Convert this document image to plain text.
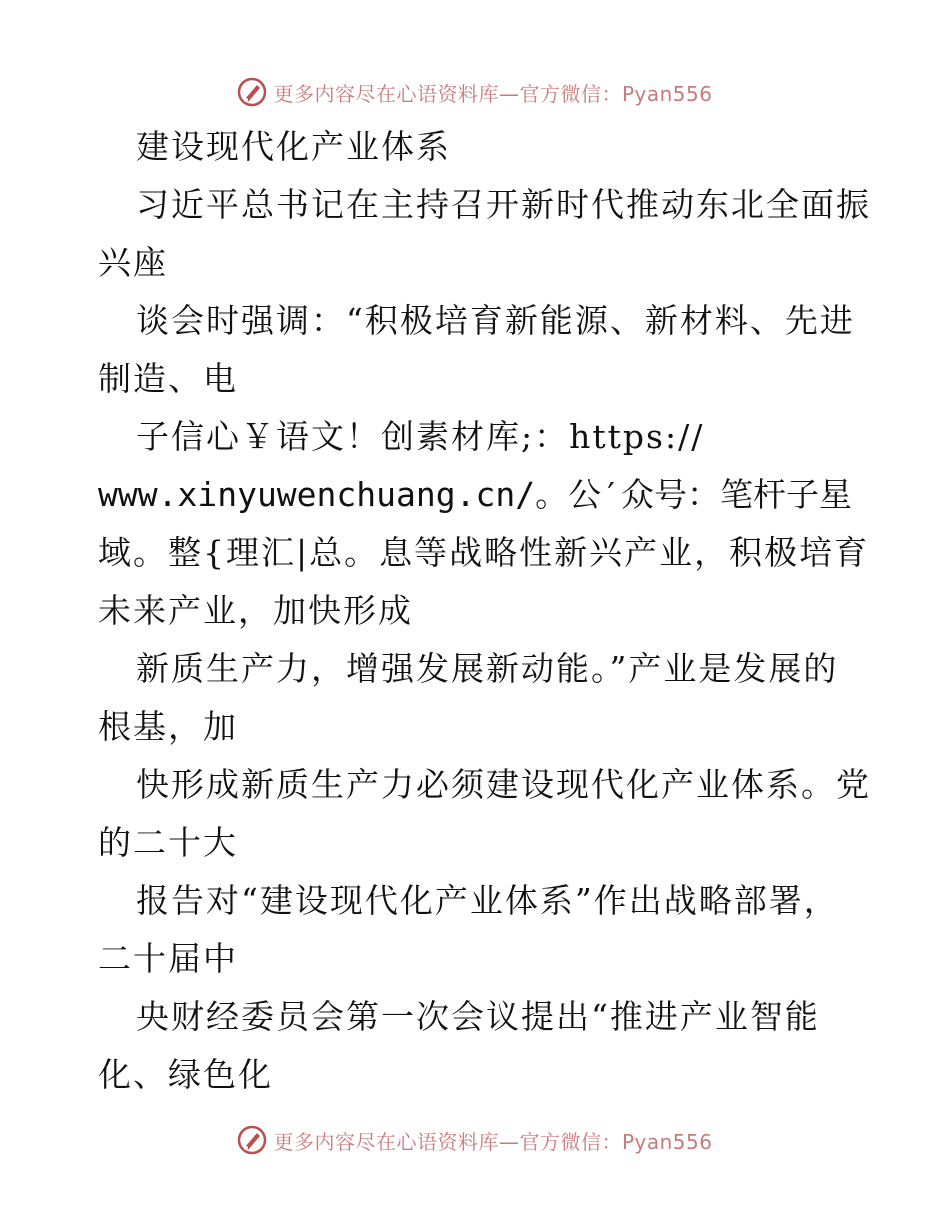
更多内容尽在心语资料库—官方微信：Pyan556
建设现代化产业体系
习近平总书记在主持召开新时代推动东北全面振
兴座
谈会时强调：“积极培育新能源、新材料、先进
制造、电
子信心￥语文！创素材库;：https://
www.xinyuwenchuang.cn/。公′众号：笔杆子星
域。整{理汇|总。息等战略性新兴产业，积极培育
未来产业，加快形成
新质生产力，增强发展新动能。”产业是发展的
根基，加
快形成新质生产力必须建设现代化产业体系。党
的二十大
报告对“建设现代化产业体系”作出战略部署，
二十届中
央财经委员会第一次会议提出“推进产业智能
化、绿色化
更多内容尽在心语资料库—官方微信：Pyan556
